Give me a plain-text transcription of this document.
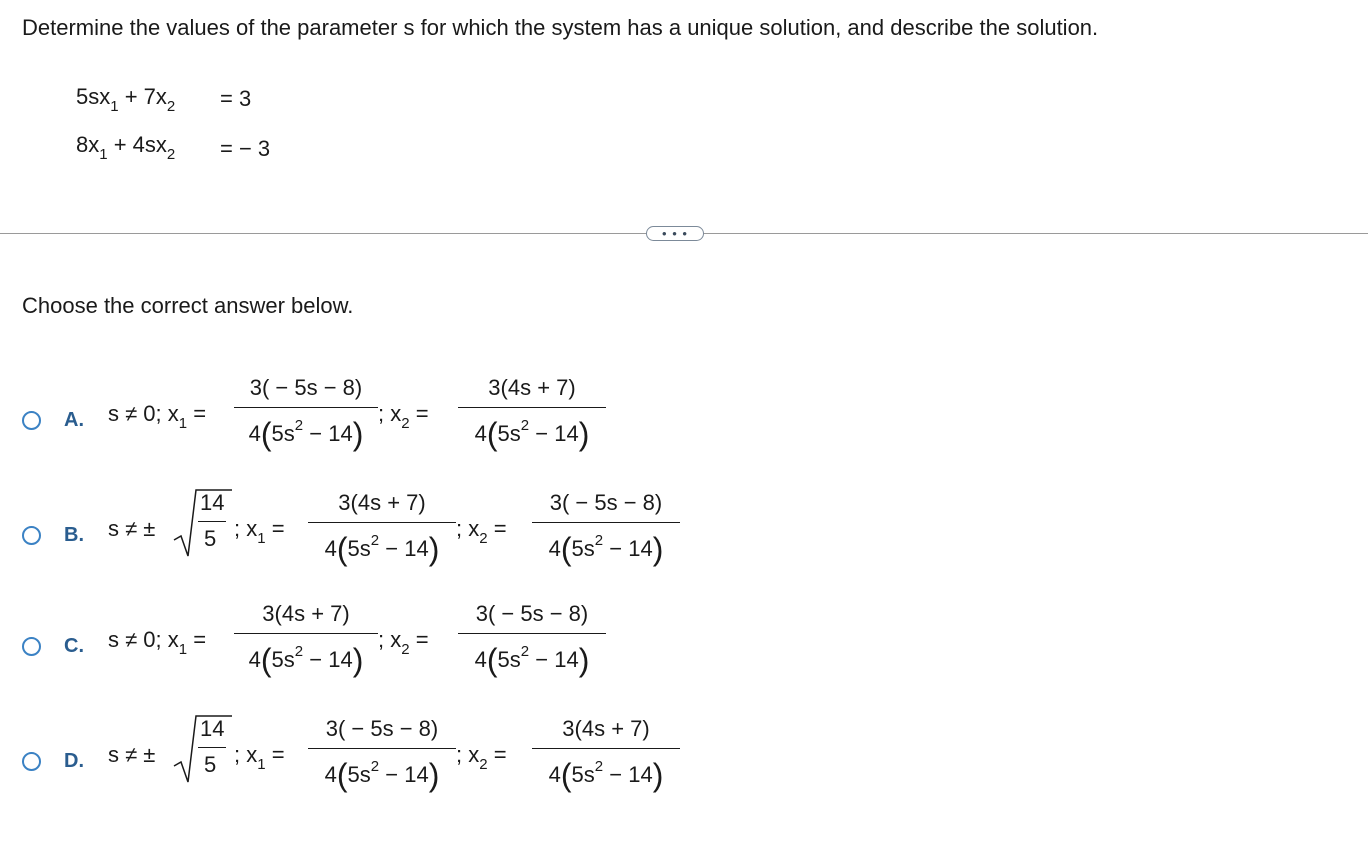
Determine the values of the parameter s for which the system has a unique solution, and describe the solution.
$5sx_1 + 7x_2 = 3$
$8x_1 + 4sx_2$ = − 3
• • •
Choose the correct answer below.
A. s ≠ 0; $x_1 = \frac{3( - 5s - 8)}{4(5s^2 - 14)}$ ; $x_2 = \frac{3(4s + 7)}{4(5s^2 - 14)}$
B. s ≠ ±
14
5 ; $x_1 = \frac{3(4s + 7)}{4(5s^2 - 14)}$ ; $x_2 = \frac{3( - 5s - 8)}{4(5s^2 - 14)}$
C. s ≠ 0; $x_1 = \frac{3(4s + 7)}{4(5s^2 - 14)}$ ; $x_2 = \frac{3( - 5s - 8)}{4(5s^2 - 14)}$
D. s ≠ ±
14
5 ; $x_1 = \frac{3( - 5s - 8)}{4(5s^2 - 14)}$ ; $x_2 = \frac{3(4s + 7)}{4(5s^2 - 14)}$
